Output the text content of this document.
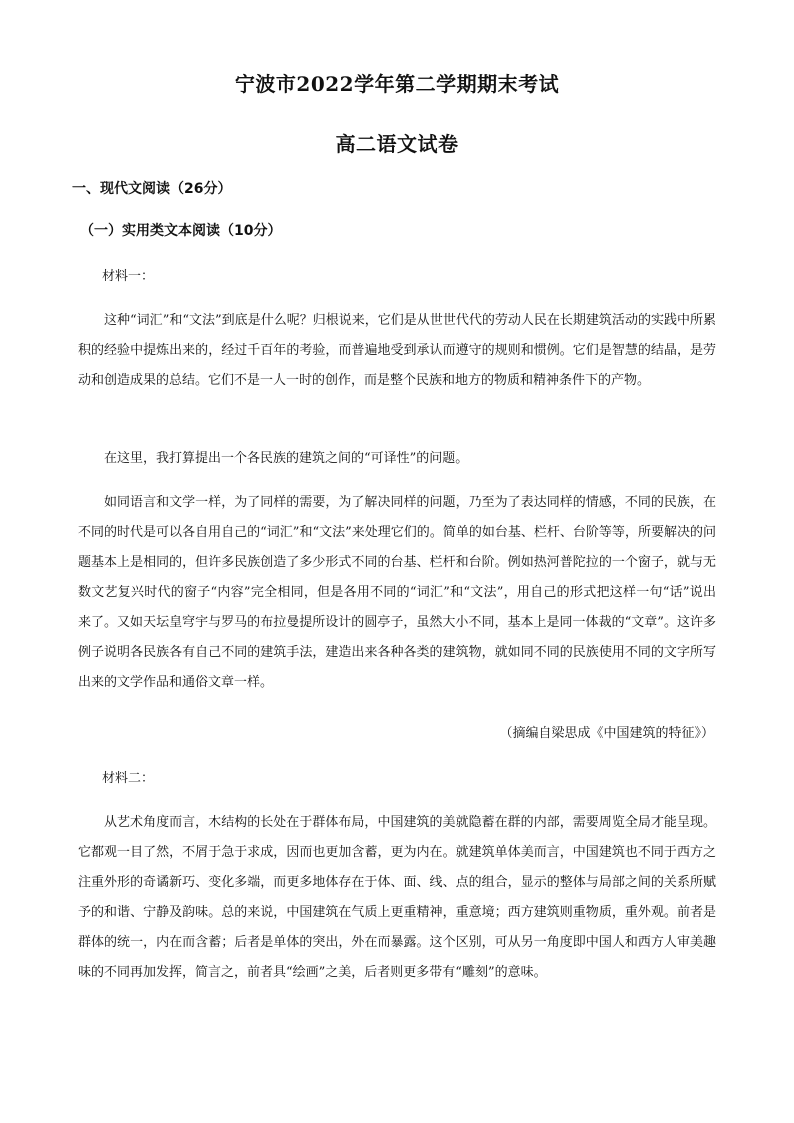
宁波市2022学年第二学期期末考试
高二语文试卷
一、现代文阅读（26分）
（一）实用类文本阅读（10分）

材料一：

这种“词汇”和“文法”到底是什么呢？归根说来，它们是从世世代代的劳动人民在长期建筑活动的实践中所累积的经验中提炼出来的，经过千百年的考验，而普遍地受到承认而遵守的规则和惯例。它们是智慧的结晶，是劳动和创造成果的总结。它们不是一人一时的创作，而是整个民族和地方的物质和精神条件下的产物。

在这里，我打算提出一个各民族的建筑之间的“可译性”的问题。

如同语言和文学一样，为了同样的需要，为了解决同样的问题，乃至为了表达同样的情感，不同的民族，在不同的时代是可以各自用自己的“词汇”和“文法”来处理它们的。简单的如台基、栏杆、台阶等等，所要解决的问题基本上是相同的，但许多民族创造了多少形式不同的台基、栏杆和台阶。例如热河普陀拉的一个窗子，就与无数文艺复兴时代的窗子“内容”完全相同，但是各用不同的“词汇”和“文法”，用自己的形式把这样一句“话”说出来了。又如天坛皇穹宇与罗马的布拉曼提所设计的圆亭子，虽然大小不同，基本上是同一体裁的“文章”。这许多例子说明各民族各有自己不同的建筑手法，建造出来各种各类的建筑物，就如同不同的民族使用不同的文字所写出来的文学作品和通俗文章一样。

（摘编自梁思成《中国建筑的特征》）

材料二：

从艺术角度而言，木结构的长处在于群体布局，中国建筑的美就隐蓄在群的内部，需要周览全局才能呈现。它都观一目了然，不屑于急于求成，因而也更加含蓄，更为内在。就建筑单体美而言，中国建筑也不同于西方之注重外形的奇谲新巧、变化多端，而更多地体存在于体、面、线、点的组合，显示的整体与局部之间的关系所赋予的和谐、宁静及韵味。总的来说，中国建筑在气质上更重精神，重意境；西方建筑则重物质，重外观。前者是群体的统一，内在而含蓄；后者是单体的突出，外在而暴露。这个区别，可从另一角度即中国人和西方人审美趣味的不同再加发挥，简言之，前者具“绘画”之美，后者则更多带有“雕刻”的意味。
